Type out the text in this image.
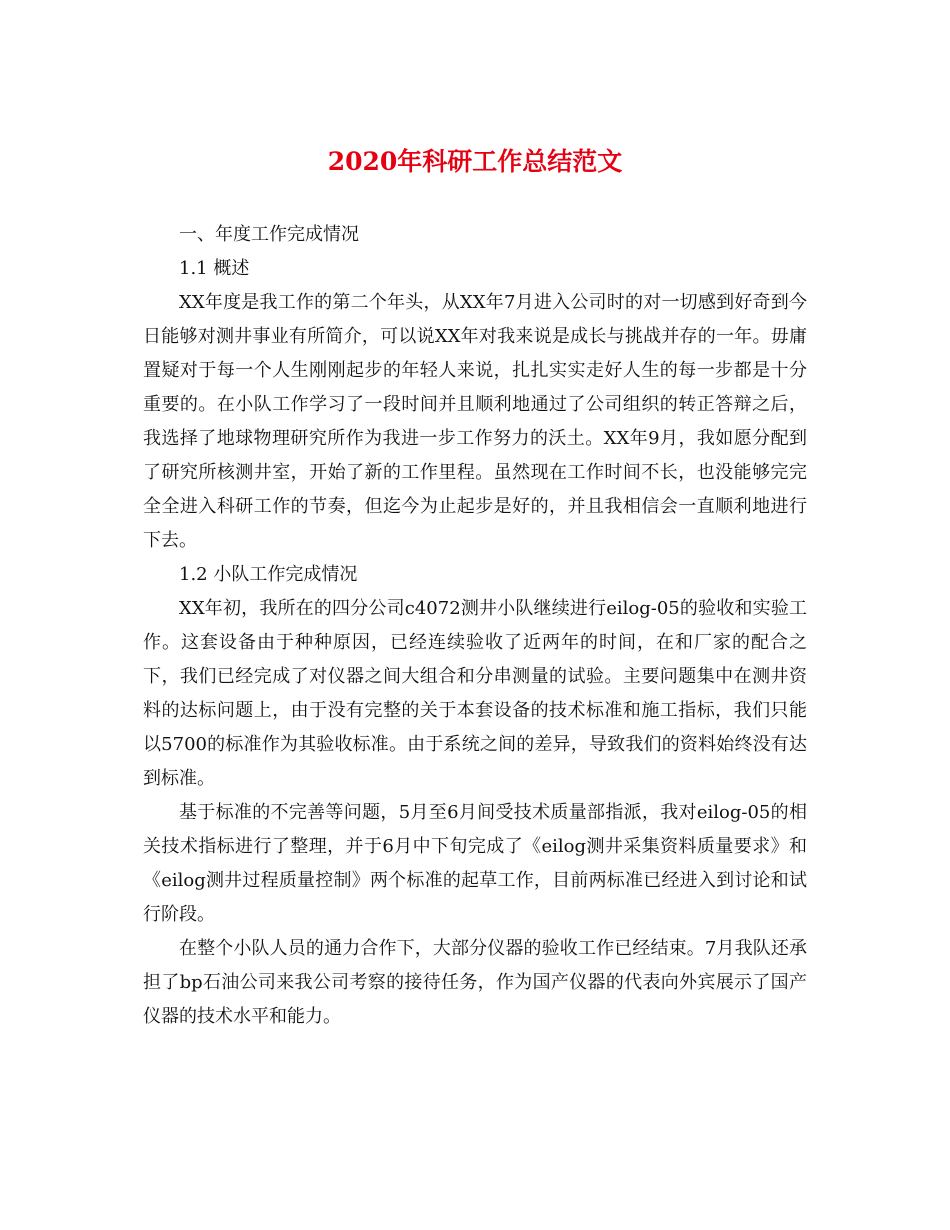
2020年科研工作总结范文

一、年度工作完成情况

1.1 概述

XX年度是我工作的第二个年头，从XX年7月进入公司时的对一切感到好奇到今日能够对测井事业有所简介，可以说XX年对我来说是成长与挑战并存的一年。毋庸置疑对于每一个人生刚刚起步的年轻人来说，扎扎实实走好人生的每一步都是十分重要的。在小队工作学习了一段时间并且顺利地通过了公司组织的转正答辩之后，我选择了地球物理研究所作为我进一步工作努力的沃土。XX年9月，我如愿分配到了研究所核测井室，开始了新的工作里程。虽然现在工作时间不长，也没能够完完全全进入科研工作的节奏，但迄今为止起步是好的，并且我相信会一直顺利地进行下去。

1.2 小队工作完成情况

XX年初，我所在的四分公司c4072测井小队继续进行eilog-05的验收和实验工作。这套设备由于种种原因，已经连续验收了近两年的时间，在和厂家的配合之下，我们已经完成了对仪器之间大组合和分串测量的试验。主要问题集中在测井资料的达标问题上，由于没有完整的关于本套设备的技术标准和施工指标，我们只能以5700的标准作为其验收标准。由于系统之间的差异，导致我们的资料始终没有达到标准。

基于标准的不完善等问题，5月至6月间受技术质量部指派，我对eilog-05的相关技术指标进行了整理，并于6月中下旬完成了《eilog测井采集资料质量要求》和《eilog测井过程质量控制》两个标准的起草工作，目前两标准已经进入到讨论和试行阶段。

在整个小队人员的通力合作下，大部分仪器的验收工作已经结束。7月我队还承担了bp石油公司来我公司考察的接待任务，作为国产仪器的代表向外宾展示了国产仪器的技术水平和能力。
